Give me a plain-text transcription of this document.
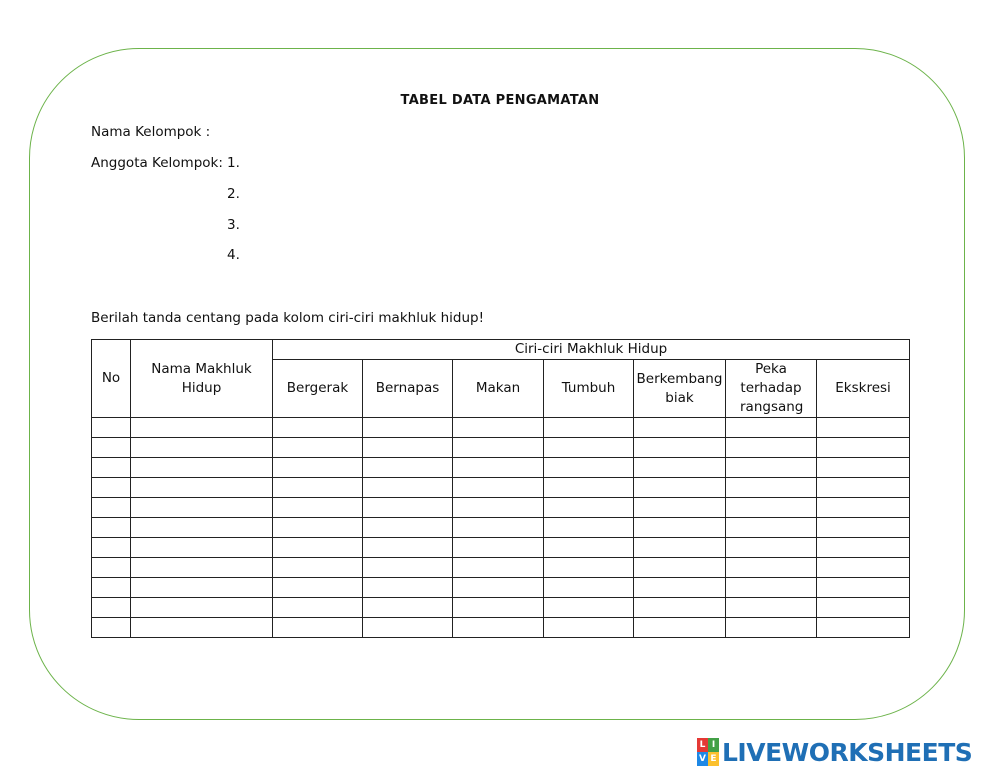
TABEL DATA PENGAMATAN
Nama Kelompok :
Anggota Kelompok: 1.
2.
3.
4.
Berilah tanda centang pada kolom ciri-ciri makhluk hidup!
No	Nama Makhluk Hidup	Ciri-ciri Makhluk Hidup						
		Bergerak	Bernapas	Makan	Tumbuh	Berkembang biak	Peka terhadap rangsang	Ekskresi

L I
V E LIVEWORKSHEETS
